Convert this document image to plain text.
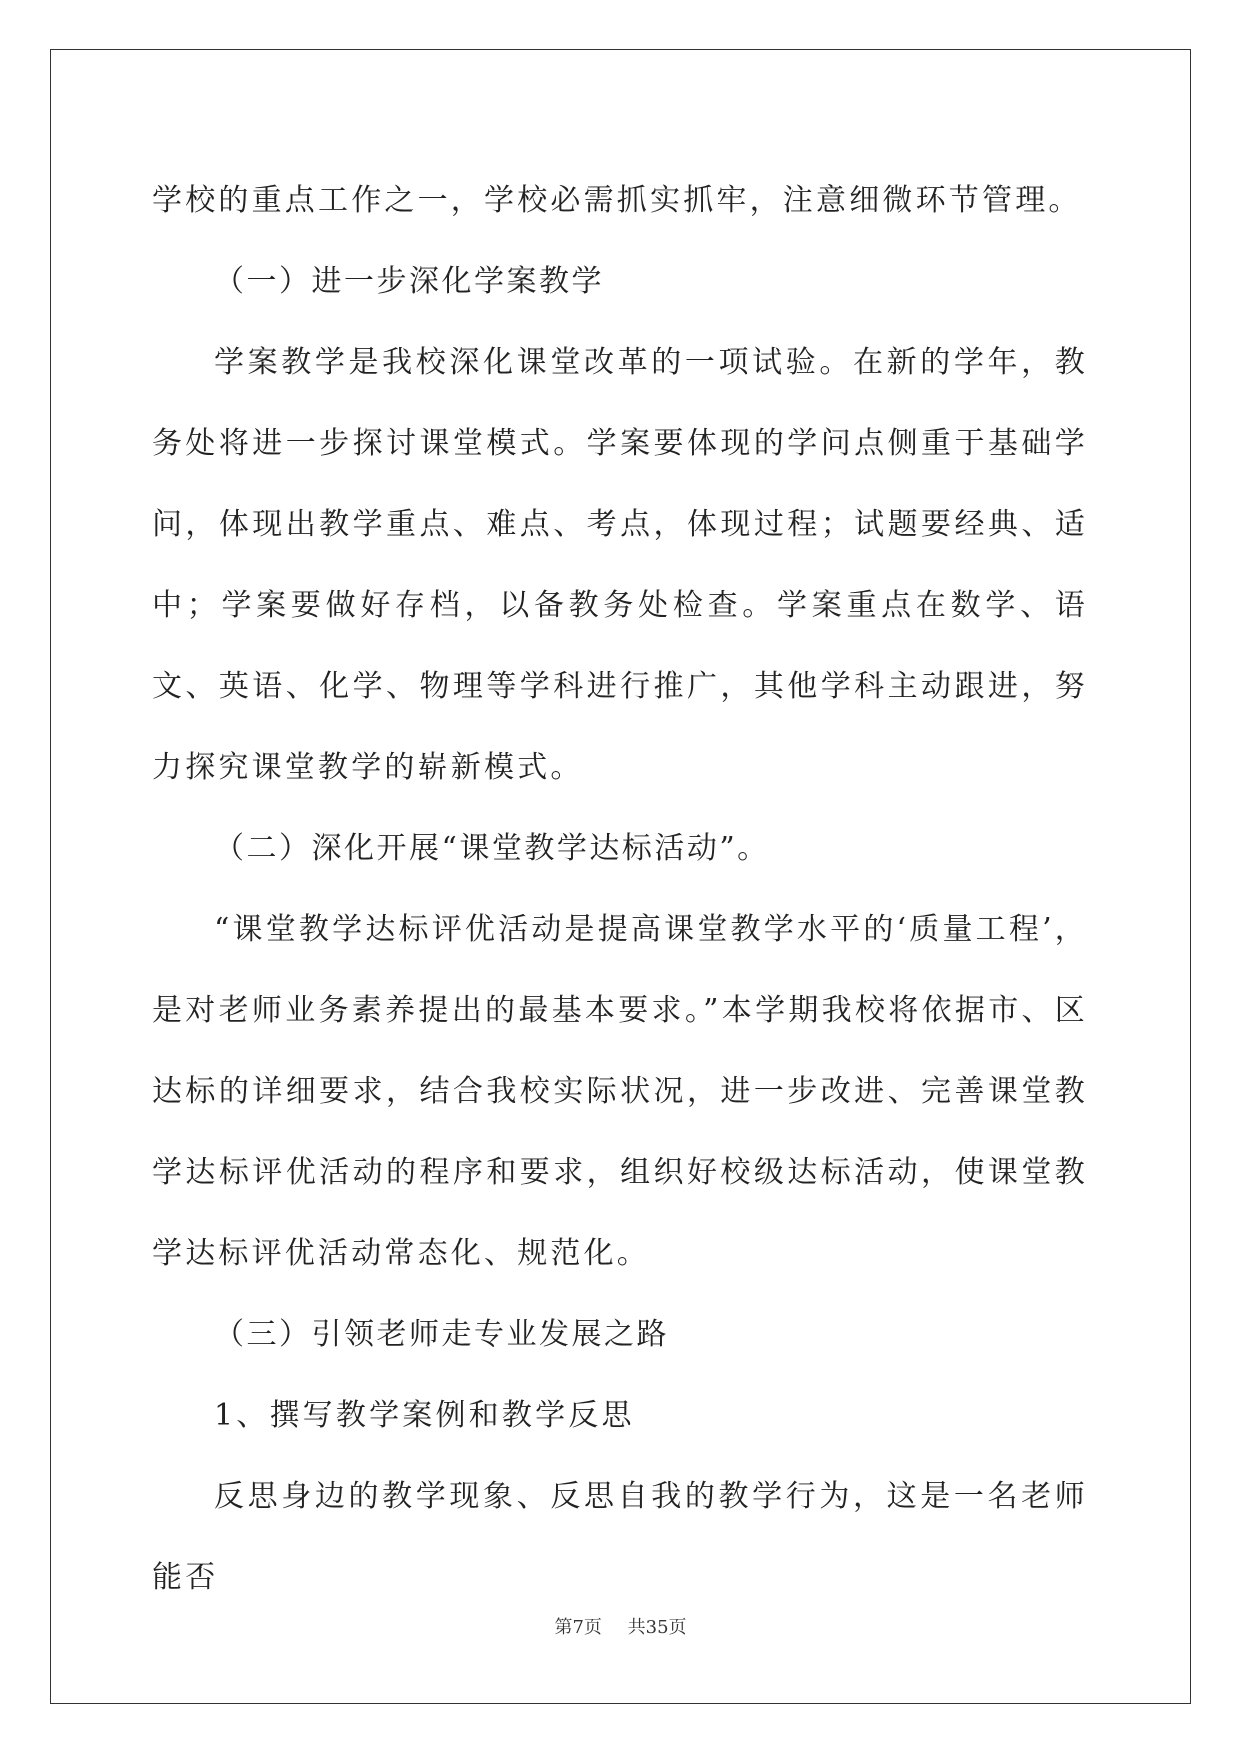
学校的重点工作之一，学校必需抓实抓牢，注意细微环节管理。

（一）进一步深化学案教学

学案教学是我校深化课堂改革的一项试验。在新的学年，教务处将进一步探讨课堂模式。学案要体现的学问点侧重于基础学问，体现出教学重点、难点、考点，体现过程；试题要经典、适中；学案要做好存档，以备教务处检查。学案重点在数学、语文、英语、化学、物理等学科进行推广，其他学科主动跟进，努力探究课堂教学的崭新模式。

（二）深化开展“课堂教学达标活动”。

“课堂教学达标评优活动是提高课堂教学水平的‘质量工程’，是对老师业务素养提出的最基本要求。”本学期我校将依据市、区达标的详细要求，结合我校实际状况，进一步改进、完善课堂教学达标评优活动的程序和要求，组织好校级达标活动，使课堂教学达标评优活动常态化、规范化。

（三）引领老师走专业发展之路

1、撰写教学案例和教学反思

反思身边的教学现象、反思自我的教学行为，这是一名老师能否

第7页 共35页
